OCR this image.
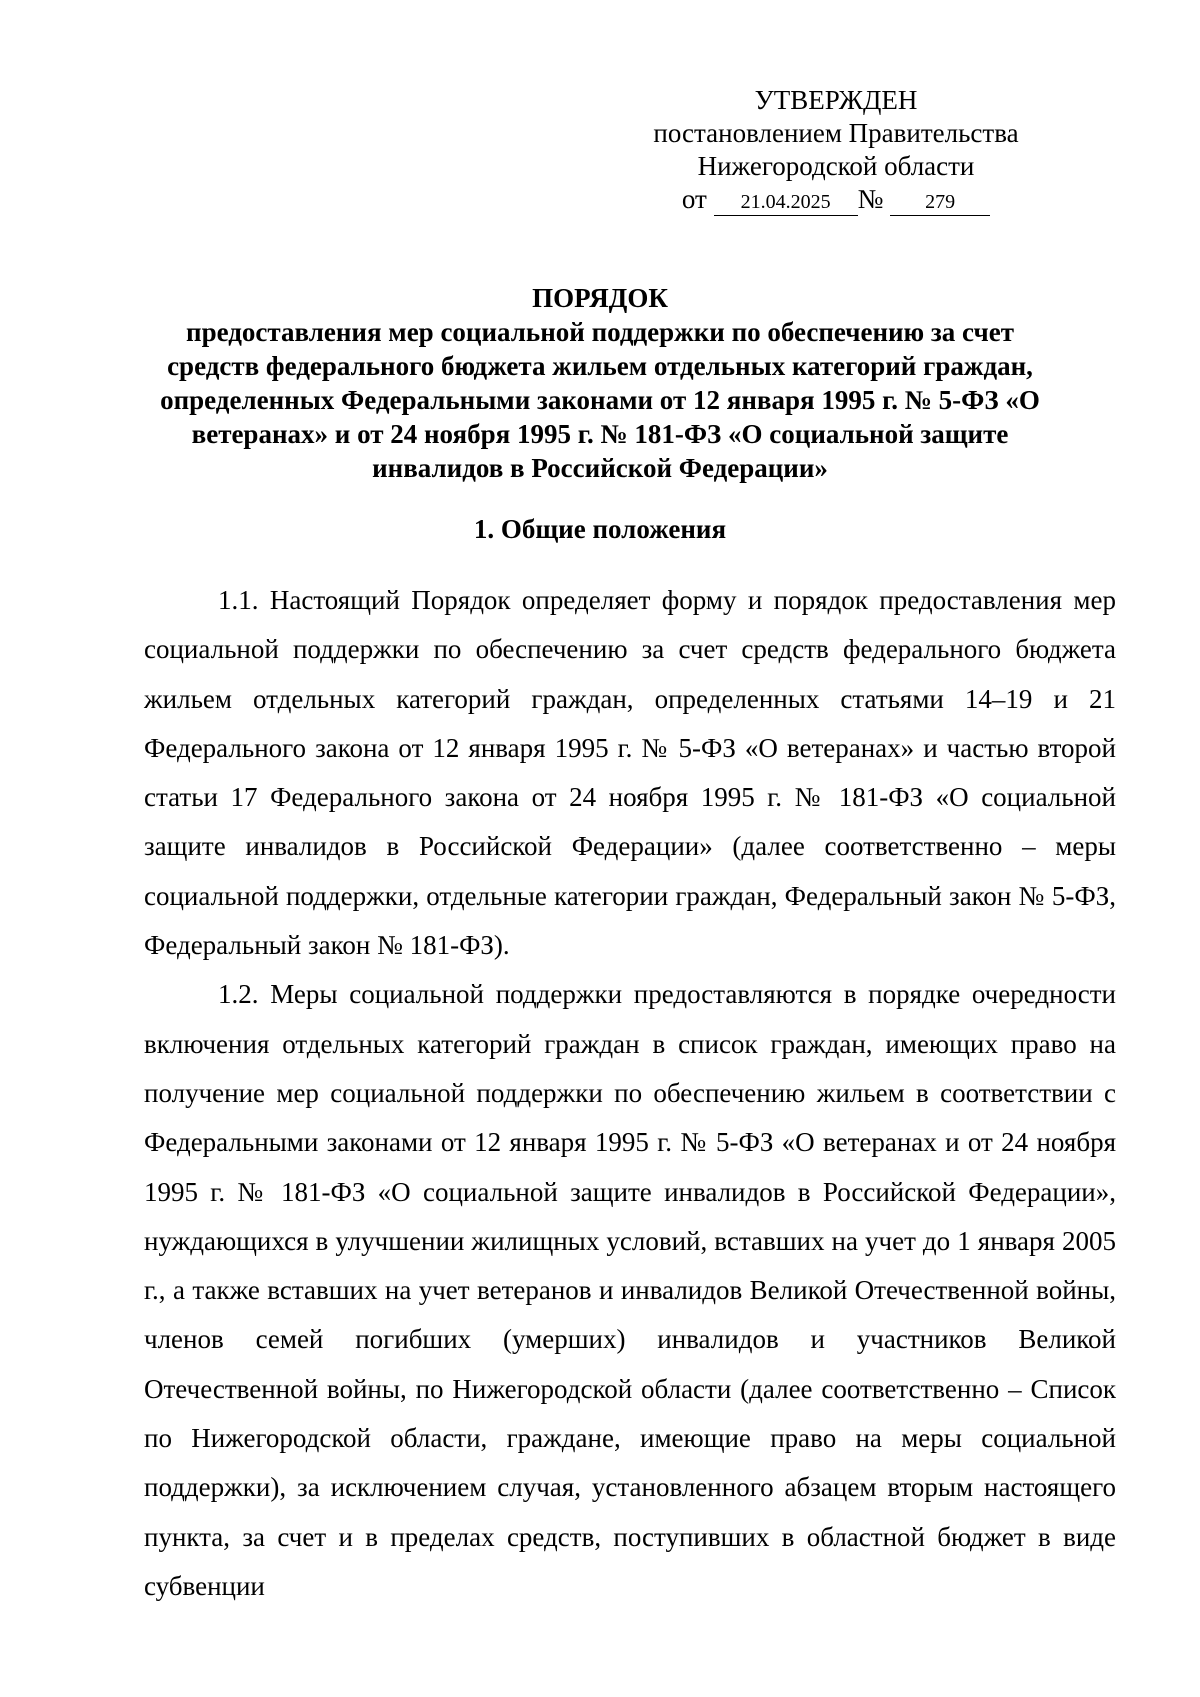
УТВЕРЖДЕН
постановлением Правительства
Нижегородской области
от 21.04.2025 № 279
ПОРЯДОК
предоставления мер социальной поддержки по обеспечению за счет средств федерального бюджета жильем отдельных категорий граждан, определенных Федеральными законами от 12 января 1995 г. № 5-ФЗ «О ветеранах» и от 24 ноября 1995 г. № 181-ФЗ «О социальной защите инвалидов в Российской Федерации»
1. Общие положения

1.1. Настоящий Порядок определяет форму и порядок предоставления мер социальной поддержки по обеспечению за счет средств федерального бюджета жильем отдельных категорий граждан, определенных статьями 14–19 и 21 Федерального закона от 12 января 1995 г. № 5-ФЗ «О ветеранах» и частью второй статьи 17 Федерального закона от 24 ноября 1995 г. № 181-ФЗ «О социальной защите инвалидов в Российской Федерации» (далее соответственно – меры социальной поддержки, отдельные категории граждан, Федеральный закон № 5-ФЗ, Федеральный закон № 181-ФЗ).

1.2. Меры социальной поддержки предоставляются в порядке очередности включения отдельных категорий граждан в список граждан, имеющих право на получение мер социальной поддержки по обеспечению жильем в соответствии с Федеральными законами от 12 января 1995 г. № 5-ФЗ «О ветеранах и от 24 ноября 1995 г. № 181-ФЗ «О социальной защите инвалидов в Российской Федерации», нуждающихся в улучшении жилищных условий, вставших на учет до 1 января 2005 г., а также вставших на учет ветеранов и инвалидов Великой Отечественной войны, членов семей погибших (умерших) инвалидов и участников Великой Отечественной войны, по Нижегородской области (далее соответственно – Список по Нижегородской области, граждане, имеющие право на меры социальной поддержки), за исключением случая, установленного абзацем вторым настоящего пункта, за счет и в пределах средств, поступивших в областной бюджет в виде субвенции
